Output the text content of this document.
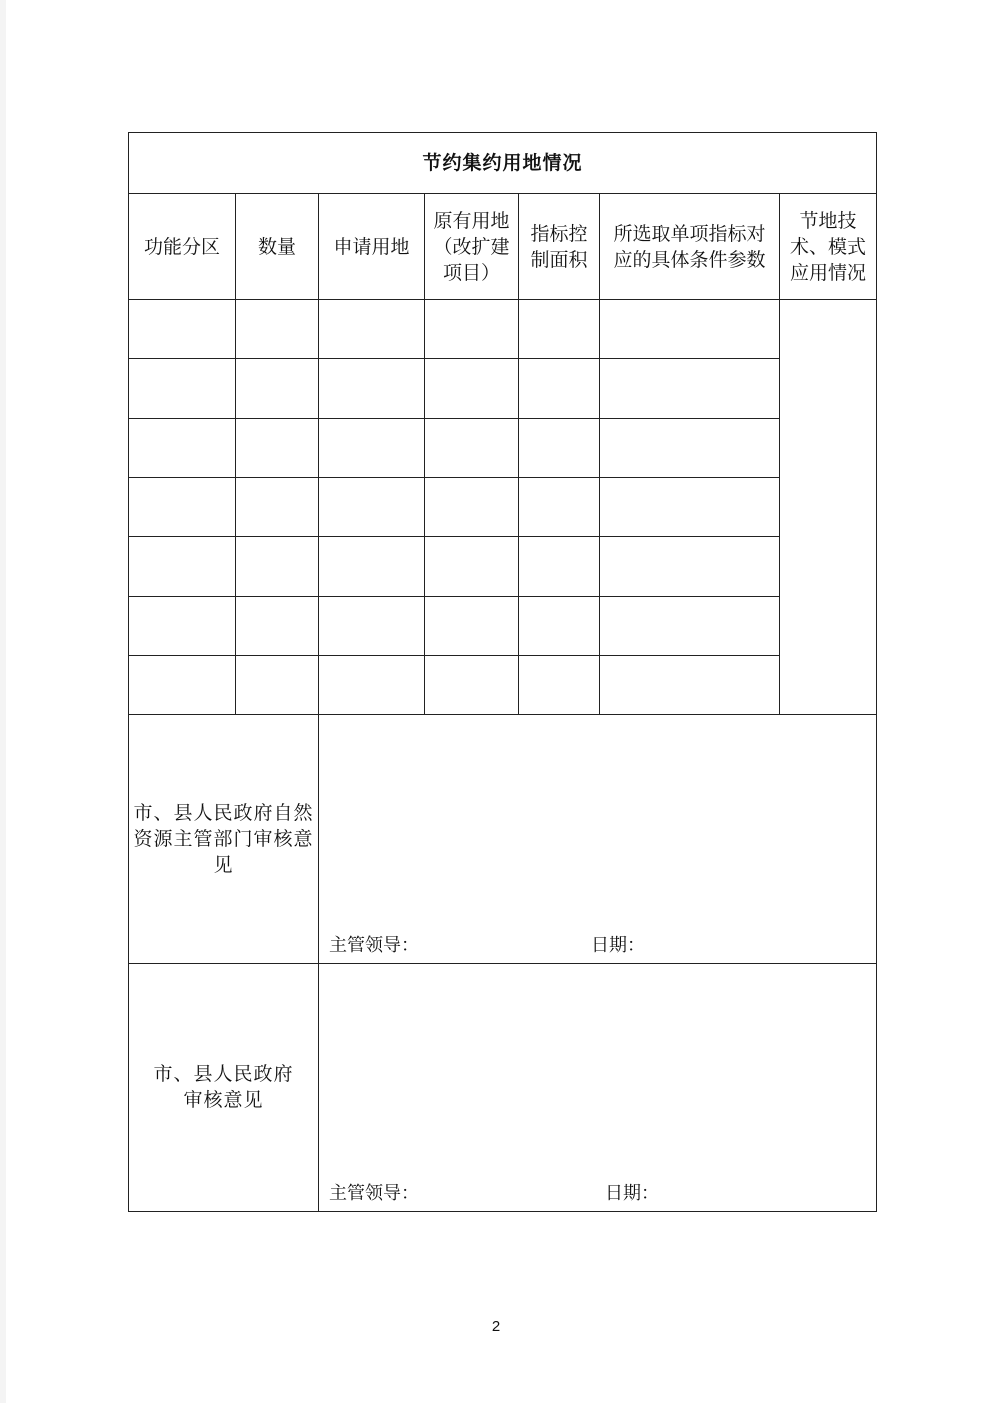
节约集约用地情况						
功能分区	数量	申请用地	原有用地（改扩建项目）	指标控制面积	所选取单项指标对应的具体条件参数	节地技术、模式应用情况

市、县人民政府自然资源主管部门审核意见		主管领导： 日期：				

市、县人民政府审核意见		主管领导： 日期：				
2
